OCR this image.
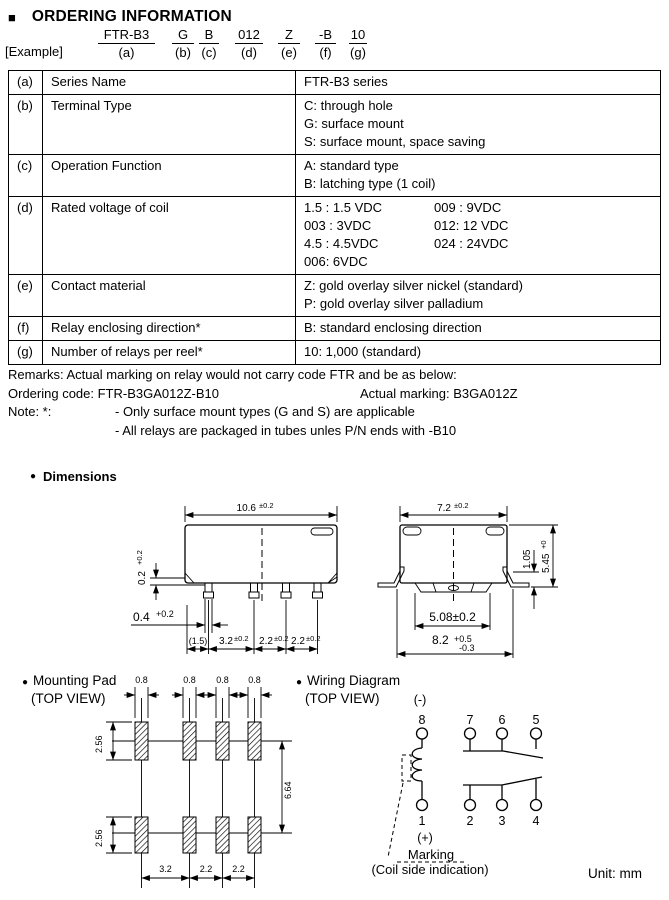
■ ORDERING INFORMATION
[Example]
FTR-B3
(a)
G
(b)
B
(c)
012
(d)
Z
(e)
-B
(f)
10
(g)
(a)	Series Name	FTR-B3 series

(b)	Terminal Type	C: through hole
G: surface mount
S: surface mount, space saving

(c)	Operation Function	A: standard type
B: latching type (1 coil)

(d)	Rated voltage of coil	1.5 : 1.5 VDC	009 : 9VDC
003 : 3VDC	012: 12 VDC
4.5 : 4.5VDC	024 : 24VDC
006: 6VDC

(e)	Contact material	Z: gold overlay silver nickel (standard)
P: gold overlay silver palladium

(f)	Relay enclosing direction*	B: standard enclosing direction

(g)	Number of relays per reel*	10: 1,000 (standard)
Remarks: Actual marking on relay would not carry code FTR and be as below:
Ordering code: FTR-B3GA012Z-B10	Actual marking: B3GA012Z
Note: *:	- Only surface mount types (G and S) are applicable
- All relays are packaged in tubes unles P/N ends with -B10
● Dimensions
10.6 ±0.2
0.2
+0.2
0.4 +0.2
(1.5) 3.2 ±0.2 2.2 ±0.2 2.2 ±0.2
7.2 ±0.2
5.45
+0
1.05
5.08±0.2
8.2 +0.5
-0.3
● Mounting Pad
(TOP VIEW)
0.8	0.8 0.8 0.8
2.56
2.56
6.64
3.2	2.2 2.2
● Wiring Diagram
(TOP VIEW)	(-)
8	7 6 5
1	2 3 4
(+)
Marking
(Coil side indication)	Unit: mm
